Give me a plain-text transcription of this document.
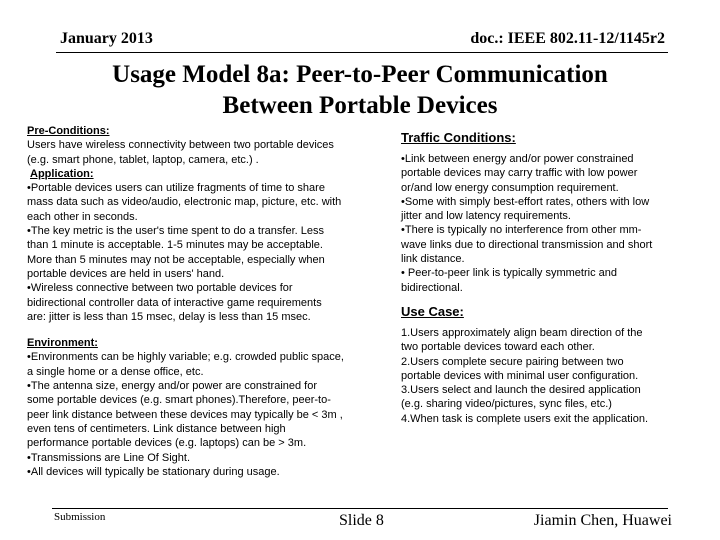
January 2013	doc.: IEEE 802.11-12/1145r2
Usage Model 8a: Peer-to-Peer Communication
Between Portable Devices
Pre-Conditions:
Users have wireless connectivity between two portable devices
(e.g. smart phone, tablet, laptop, camera, etc.) .
Application:
•Portable devices users can utilize fragments of time to share
mass data such as video/audio, electronic map, picture, etc. with
each other in seconds.
•The key metric is the user's time spent to do a transfer. Less
than 1 minute is acceptable. 1-5 minutes may be acceptable.
More than 5 minutes may not be acceptable, especially when
portable devices are held in users' hand.
•Wireless connective between two portable devices for
bidirectional controller data of interactive game requirements
are: jitter is less than 15 msec, delay is less than 15 msec.
Environment:
•Environments can be highly variable; e.g. crowded public space,
a single home or a dense office, etc.
•The antenna size, energy and/or power are constrained for
some portable devices (e.g. smart phones).Therefore, peer-to-
peer link distance between these devices may typically be < 3m ,
even tens of centimeters. Link distance between high
performance portable devices (e.g. laptops) can be > 3m.
•Transmissions are Line Of Sight.
•All devices will typically be stationary during usage.
Traffic Conditions:
•Link between energy and/or power constrained
portable devices may carry traffic with low power
or/and low energy consumption requirement.
•Some with simply best-effort rates, others with low
jitter and low latency requirements.
•There is typically no interference from other mm-
wave links due to directional transmission and short
link distance.
• Peer-to-peer link is typically symmetric and
bidirectional.
Use Case:
1.Users approximately align beam direction of the
two portable devices toward each other.
2.Users complete secure pairing between two
portable devices with minimal user configuration.
3.Users select and launch the desired application
(e.g. sharing video/pictures, sync files, etc.)
4.When task is complete users exit the application.
Submission	Slide 8	Jiamin Chen, Huawei
